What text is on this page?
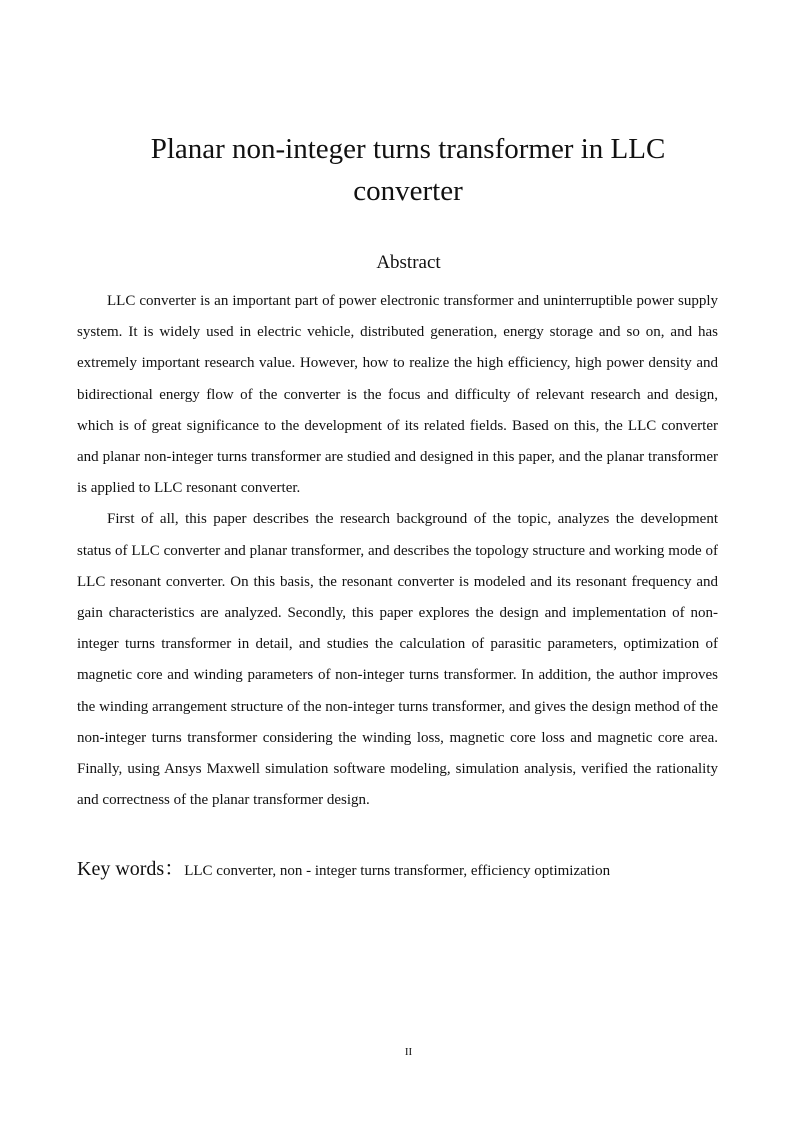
Planar non-integer turns transformer in LLC converter
Abstract

LLC converter is an important part of power electronic transformer and uninterruptible power supply system. It is widely used in electric vehicle, distributed generation, energy storage and so on, and has extremely important research value. However, how to realize the high efficiency, high power density and bidirectional energy flow of the converter is the focus and difficulty of relevant research and design, which is of great significance to the development of its related fields. Based on this, the LLC converter and planar non-integer turns transformer are studied and designed in this paper, and the planar transformer is applied to LLC resonant converter.

First of all, this paper describes the research background of the topic, analyzes the development status of LLC converter and planar transformer, and describes the topology structure and working mode of LLC resonant converter. On this basis, the resonant converter is modeled and its resonant frequency and gain characteristics are analyzed. Secondly, this paper explores the design and implementation of non-integer turns transformer in detail, and studies the calculation of parasitic parameters, optimization of magnetic core and winding parameters of non-integer turns transformer. In addition, the author improves the winding arrangement structure of the non-integer turns transformer, and gives the design method of the non-integer turns transformer considering the winding loss, magnetic core loss and magnetic core area. Finally, using Ansys Maxwell simulation software modeling, simulation analysis, verified the rationality and correctness of the planar transformer design.

Key words：LLC converter, non - integer turns transformer, efficiency optimization

II
